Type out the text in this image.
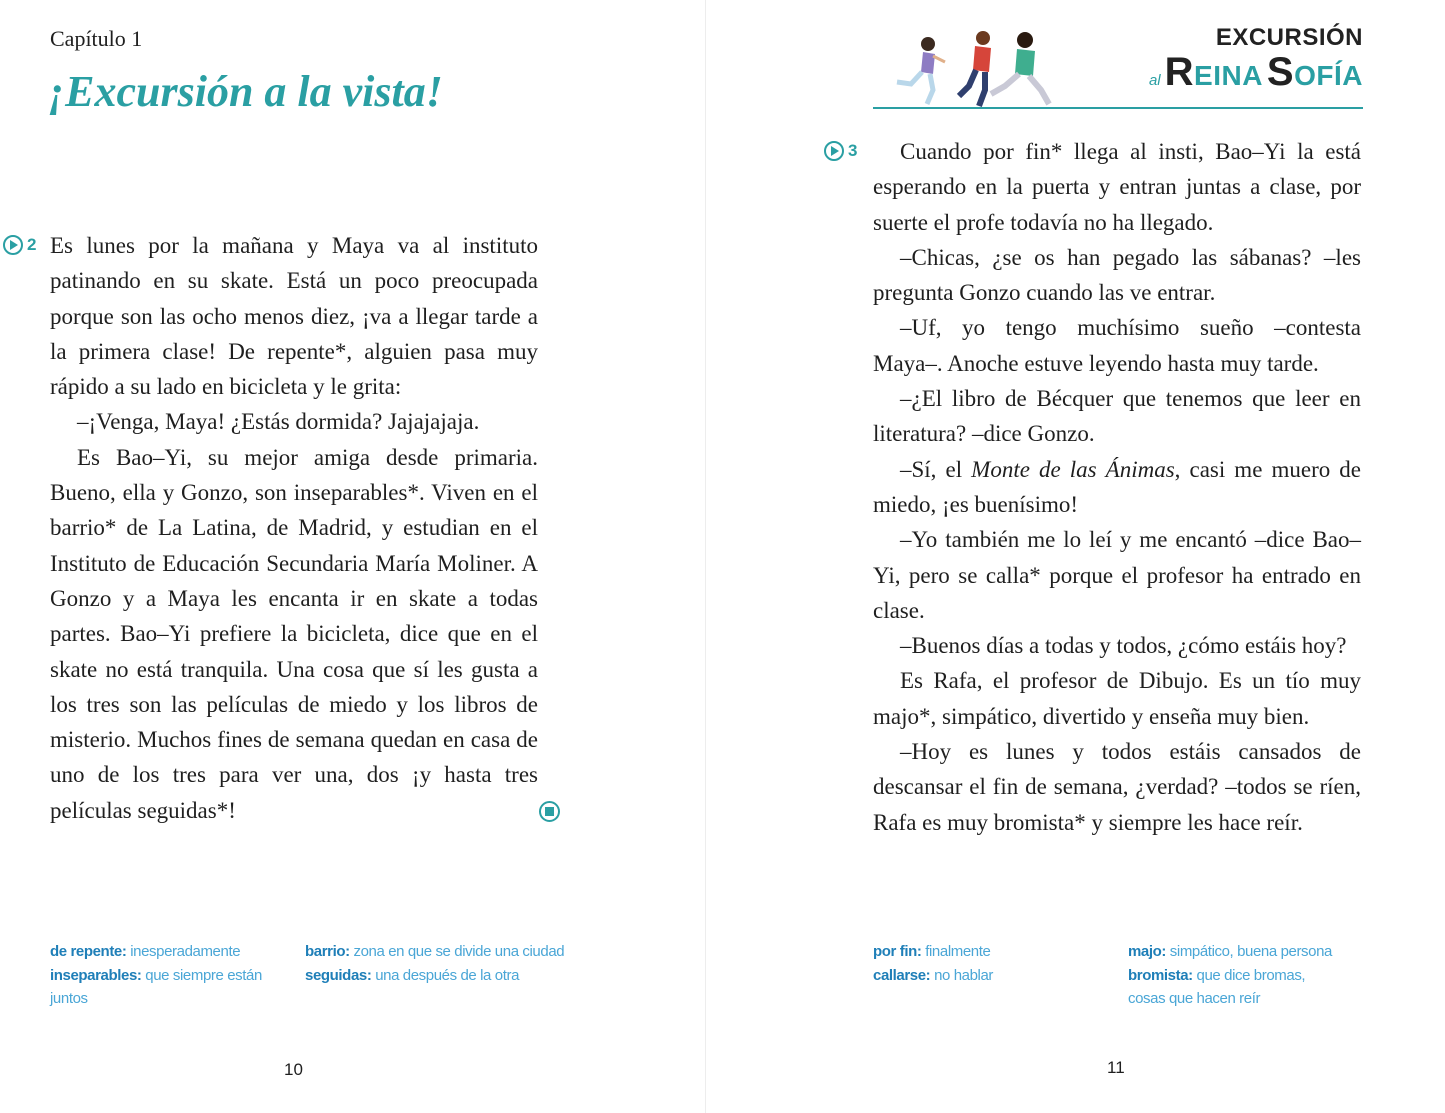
Capítulo 1
¡Excursión a la vista!
2 Es lunes por la mañana y Maya va al instituto patinando en su skate. Está un poco preocupada porque son las ocho menos diez, ¡va a llegar tarde a la primera clase! De repente*, alguien pasa muy rápido a su lado en bicicleta y le grita:

–¡Venga, Maya! ¿Estás dormida? Jajajajaja.

Es Bao–Yi, su mejor amiga desde primaria. Bueno, ella y Gonzo, son inseparables*. Viven en el barrio* de La Latina, de Madrid, y estudian en el Instituto de Educación Secundaria María Moliner. A Gonzo y a Maya les encanta ir en skate a todas partes. Bao–Yi prefiere la bicicleta, dice que en el skate no está tranquila. Una cosa que sí les gusta a los tres son las películas de miedo y los libros de misterio. Muchos fines de semana quedan en casa de uno de los tres para ver una, dos ¡y hasta tres películas seguidas*!

de repente: inesperadamente
inseparables: que siempre están juntos
barrio: zona en que se divide una ciudad
seguidas: una después de la otra
10
EXCURSIÓN
al REINA SOFÍA
3	Cuando por fin* llega al insti, Bao–Yi la está esperando en la puerta y entran juntas a clase, por suerte el profe todavía no ha llegado.

–Chicas, ¿se os han pegado las sábanas? –les pregunta Gonzo cuando las ve entrar.

–Uf, yo tengo muchísimo sueño –contesta Maya–. Anoche estuve leyendo hasta muy tarde.

–¿El libro de Bécquer que tenemos que leer en literatura? –dice Gonzo.

–Sí, el Monte de las Ánimas, casi me muero de miedo, ¡es buenísimo!

–Yo también me lo leí y me encantó –dice Bao–Yi, pero se calla* porque el profesor ha entrado en clase.

–Buenos días a todas y todos, ¿cómo estáis hoy?

Es Rafa, el profesor de Dibujo. Es un tío muy majo*, simpático, divertido y enseña muy bien.

–Hoy es lunes y todos estáis cansados de descansar el fin de semana, ¿verdad? –todos se ríen, Rafa es muy bromista* y siempre les hace reír.

por fin: finalmente
callarse: no hablar
majo: simpático, buena persona
bromista: que dice bromas, cosas que hacen reír
11
